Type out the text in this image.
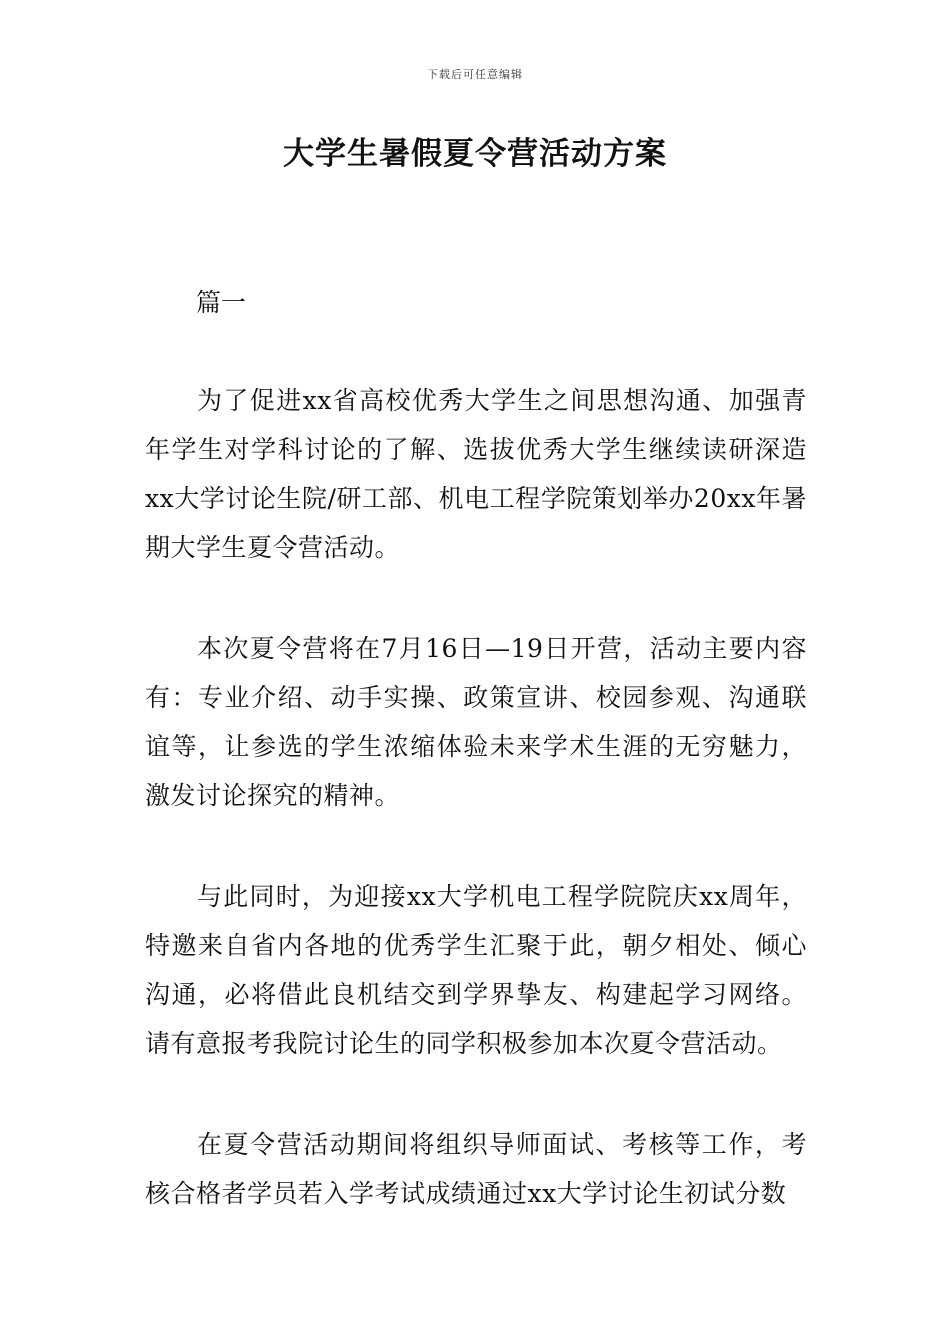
下载后可任意编辑
大学生暑假夏令营活动方案
篇一

为了促进xx省高校优秀大学生之间思想沟通、加强青年学生对学科讨论的了解、选拔优秀大学生继续读研深造xx大学讨论生院/研工部、机电工程学院策划举办20xx年暑期大学生夏令营活动。

本次夏令营将在7月16日—19日开营，活动主要内容有：专业介绍、动手实操、政策宣讲、校园参观、沟通联谊等，让参选的学生浓缩体验未来学术生涯的无穷魅力，激发讨论探究的精神。

与此同时，为迎接xx大学机电工程学院院庆xx周年，特邀来自省内各地的优秀学生汇聚于此，朝夕相处、倾心沟通，必将借此良机结交到学界挚友、构建起学习网络。请有意报考我院讨论生的同学积极参加本次夏令营活动。

在夏令营活动期间将组织导师面试、考核等工作，考核合格者学员若入学考试成绩通过xx大学讨论生初试分数
